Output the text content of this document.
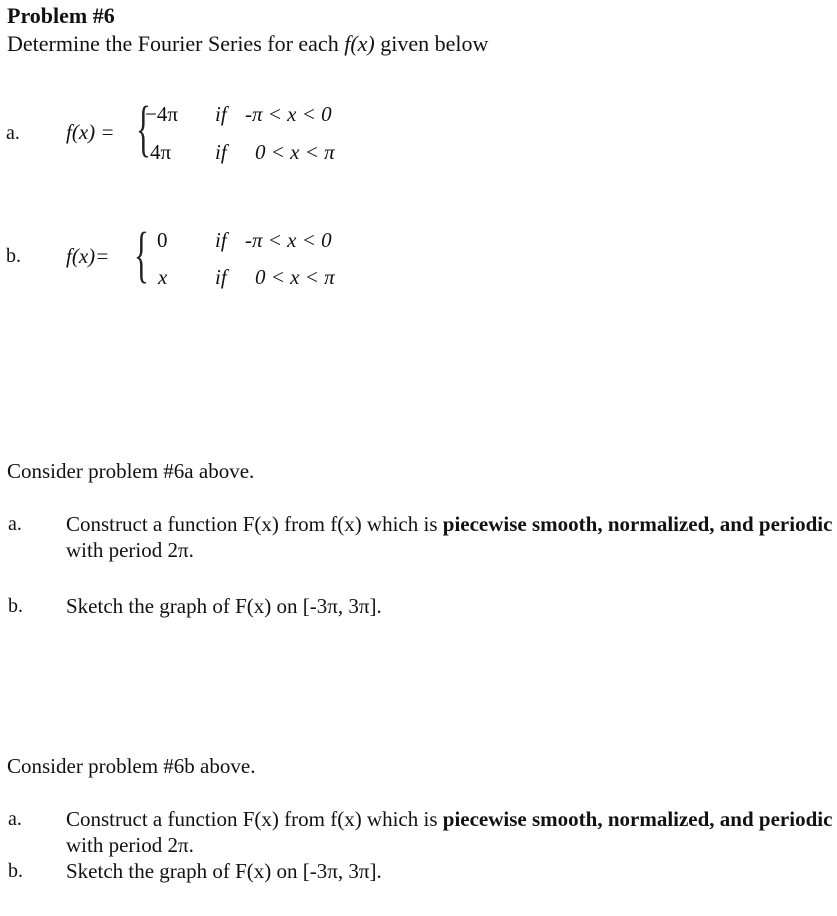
Problem #6
Determine the Fourier Series for each f(x) given below
a. f(x) = {
−4π if -π < x < 0
4π if 0 < x < π
b. f(x)= { 0 if -π < x < 0
x if 0 < x < π
Consider problem #6a above.
a. Construct a function F(x) from f(x) which is piecewise smooth, normalized, and periodic with period 2π.
b. Sketch the graph of F(x) on [-3π, 3π].
Consider problem #6b above.
a. Construct a function F(x) from f(x) which is piecewise smooth, normalized, and periodic with period 2π.
b. Sketch the graph of F(x) on [-3π, 3π].
